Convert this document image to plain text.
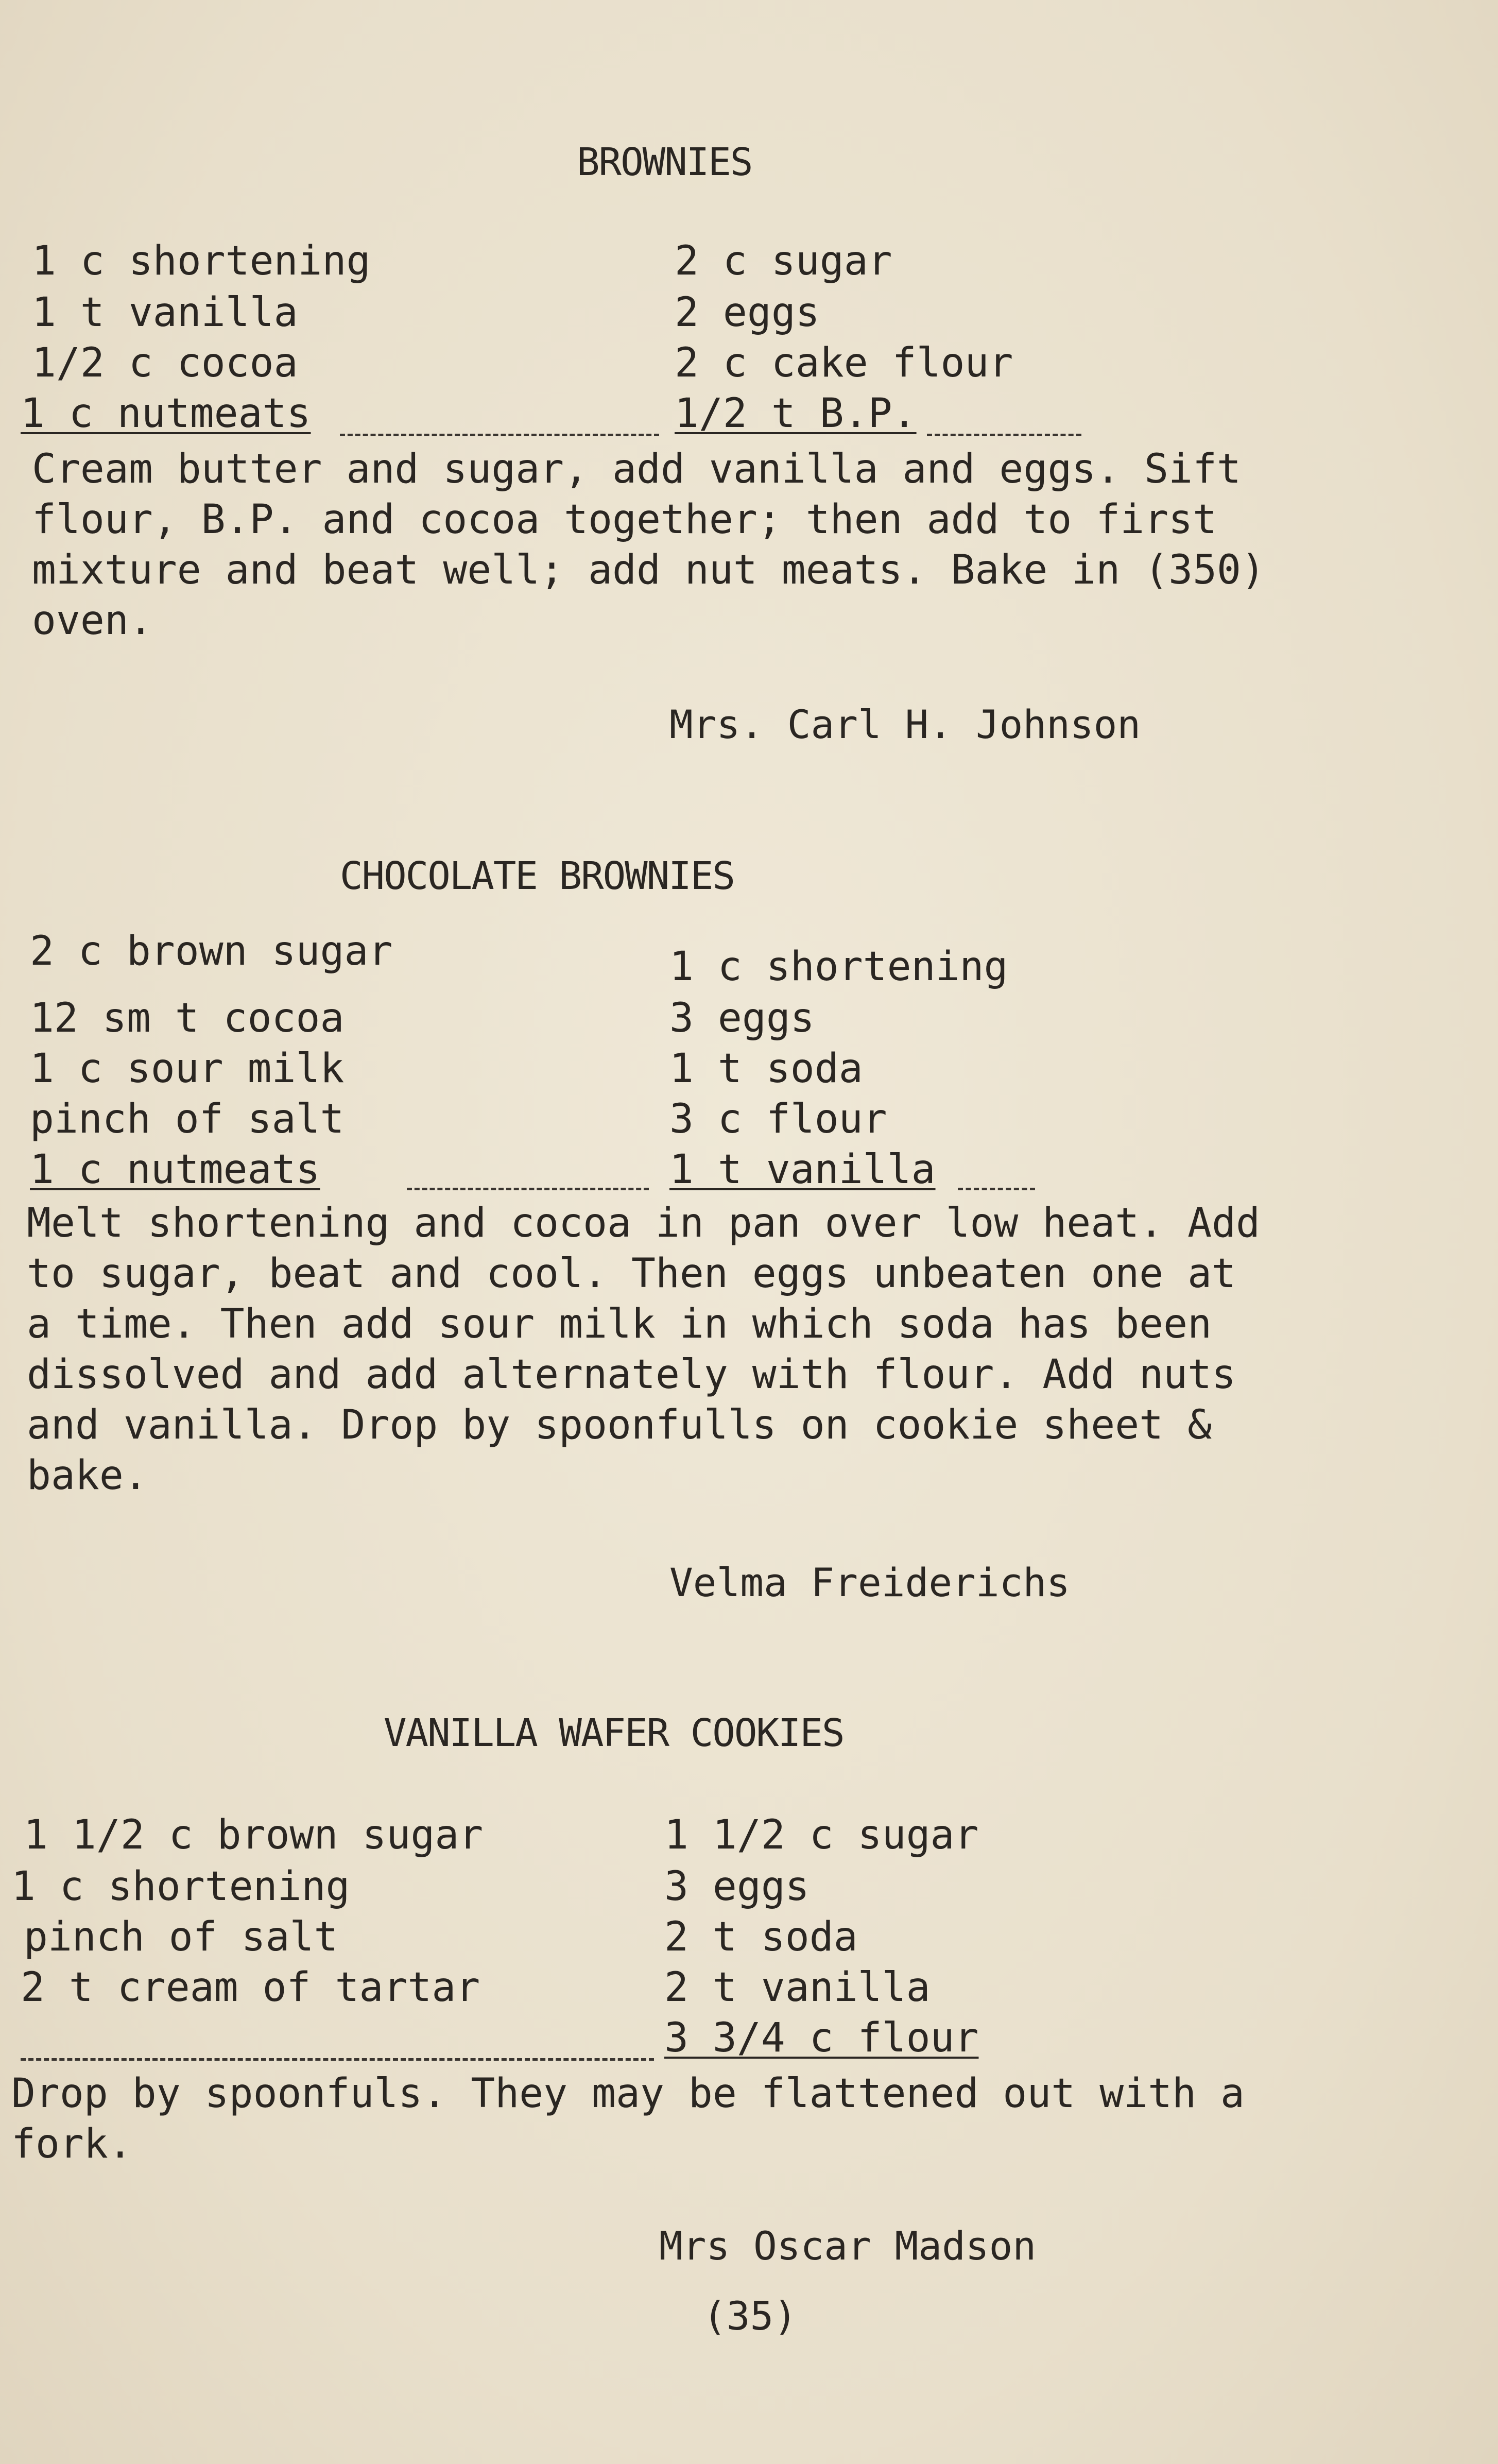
BROWNIES
1 c shortening
1 t vanilla
1/2 c cocoa
1 c nutmeats
2 c sugar
2 eggs
2 c cake flour
1/2 t B.P.
Cream butter and sugar, add vanilla and eggs. Sift
flour, B.P. and cocoa together; then add to first
mixture and beat well; add nut meats. Bake in (350)
oven.
Mrs. Carl H. Johnson
CHOCOLATE BROWNIES
2 c brown sugar
12 sm t cocoa
1 c sour milk
pinch of salt
1 c nutmeats
1 c shortening
3 eggs
1 t soda
3 c flour
1 t vanilla
Melt shortening and cocoa in pan over low heat. Add
to sugar, beat and cool. Then eggs unbeaten one at
a time. Then add sour milk in which soda has been
dissolved and add alternately with flour. Add nuts
and vanilla. Drop by spoonfulls on cookie sheet &
bake.
Velma Freiderichs
VANILLA WAFER COOKIES
1 1/2 c brown sugar
1 c shortening
pinch of salt
2 t cream of tartar
1 1/2 c sugar
3 eggs
2 t soda
2 t vanilla
3 3/4 c flour
Drop by spoonfuls. They may be flattened out with a
fork.
Mrs Oscar Madson
(35)
